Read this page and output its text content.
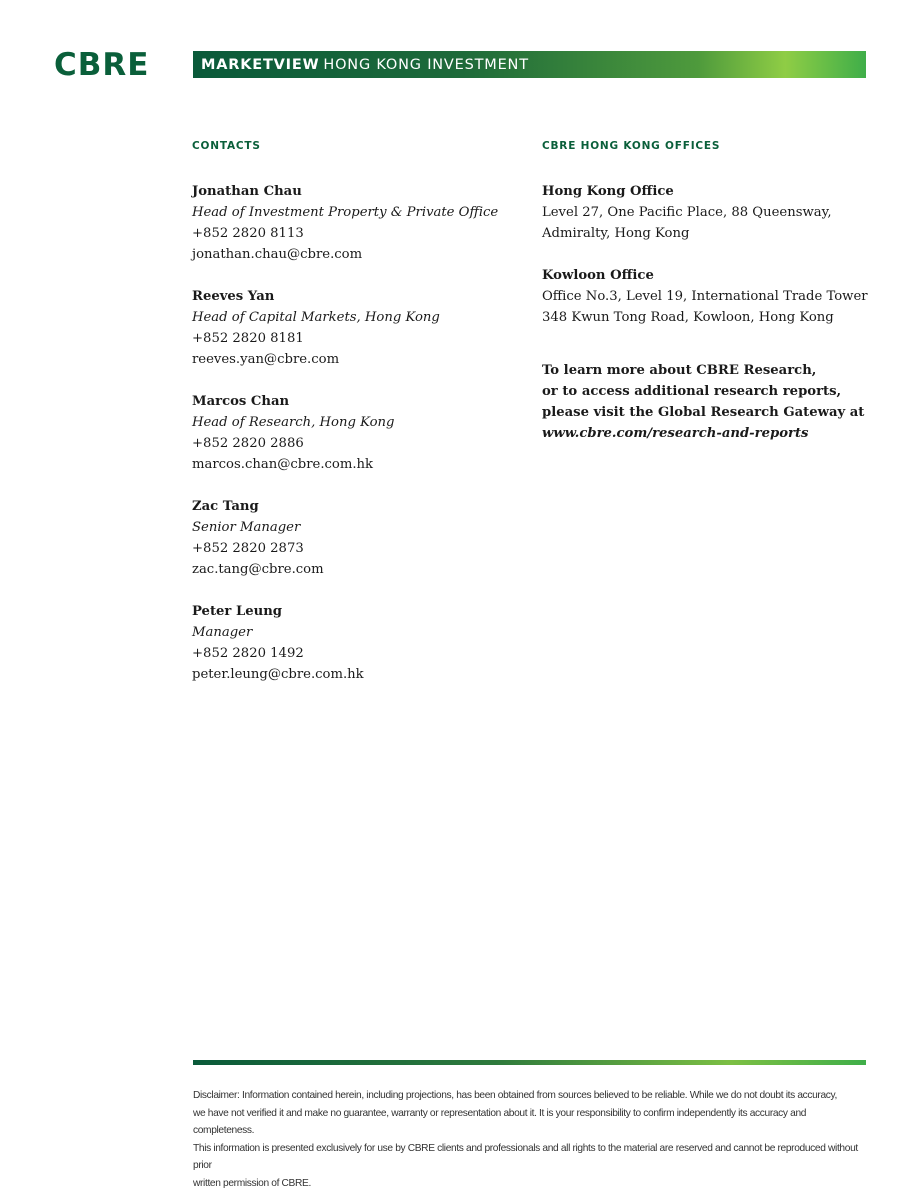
CBRE	MARKETVIEW HONG KONG INVESTMENT
CONTACTS
Jonathan Chau
Head of Investment Property & Private Office
+852 2820 8113
jonathan.chau@cbre.com
Reeves Yan
Head of Capital Markets, Hong Kong
+852 2820 8181
reeves.yan@cbre.com
Marcos Chan
Head of Research, Hong Kong
+852 2820 2886
marcos.chan@cbre.com.hk
Zac Tang
Senior Manager
+852 2820 2873
zac.tang@cbre.com
Peter Leung
Manager
+852 2820 1492
peter.leung@cbre.com.hk
CBRE HONG KONG OFFICES
Hong Kong Office
Level 27, One Pacific Place, 88 Queensway,
Admiralty, Hong Kong
Kowloon Office
Office No.3, Level 19, International Trade Tower
348 Kwun Tong Road, Kowloon, Hong Kong
To learn more about CBRE Research,
or to access additional research reports,
please visit the Global Research Gateway at
www.cbre.com/research-and-reports
Disclaimer: Information contained herein, including projections, has been obtained from sources believed to be reliable. While we do not doubt its accuracy,
we have not verified it and make no guarantee, warranty or representation about it. It is your responsibility to confirm independently its accuracy and completeness.
This information is presented exclusively for use by CBRE clients and professionals and all rights to the material are reserved and cannot be reproduced without prior
written permission of CBRE.
